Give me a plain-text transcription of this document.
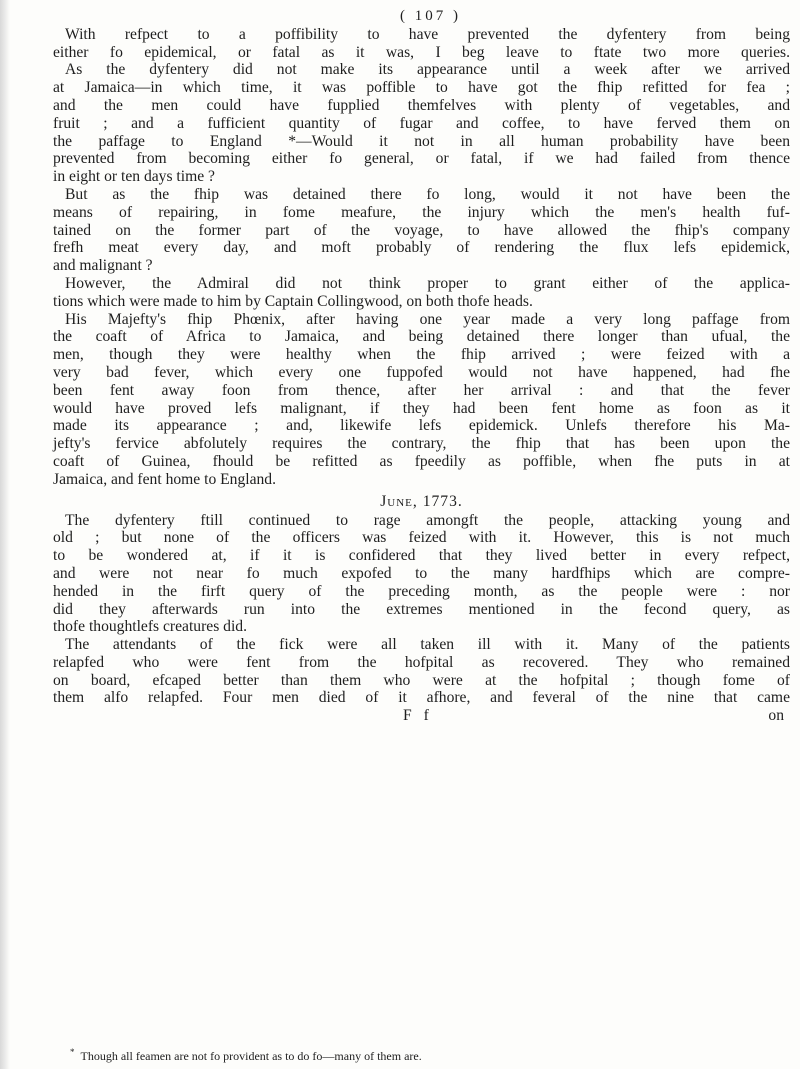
( 107 )
With refpect to a poffibility to have prevented the dyfentery from being
either fo epidemical, or fatal as it was, I beg leave to ftate two more queries.
As the dyfentery did not make its appearance until a week after we arrived
at Jamaica—in which time, it was poffible to have got the fhip refitted for fea ;
and the men could have fupplied themfelves with plenty of vegetables, and
fruit ; and a fufficient quantity of fugar and coffee, to have ferved them on
the paffage to England *—Would it not in all human probability have been
prevented from becoming either fo general, or fatal, if we had failed from thence
in eight or ten days time ?
But as the fhip was detained there fo long, would it not have been the
means of repairing, in fome meafure, the injury which the men's health fuf-
tained on the former part of the voyage, to have allowed the fhip's company
frefh meat every day, and moft probably of rendering the flux lefs epidemick,
and malignant ?
However, the Admiral did not think proper to grant either of the applica-
tions which were made to him by Captain Collingwood, on both thofe heads.
His Majefty's fhip Phœnix, after having one year made a very long paffage from
the coaft of Africa to Jamaica, and being detained there longer than ufual, the
men, though they were healthy when the fhip arrived ; were feized with a
very bad fever, which every one fuppofed would not have happened, had fhe
been fent away foon from thence, after her arrival : and that the fever
would have proved lefs malignant, if they had been fent home as foon as it
made its appearance ; and, likewife lefs epidemick. Unlefs therefore his Ma-
jefty's fervice abfolutely requires the contrary, the fhip that has been upon the
coaft of Guinea, fhould be refitted as fpeedily as poffible, when fhe puts in at
Jamaica, and fent home to England.
June, 1773.
The dyfentery ftill continued to rage amongft the people, attacking young and
old ; but none of the officers was feized with it. However, this is not much
to be wondered at, if it is confidered that they lived better in every refpect,
and were not near fo much expofed to the many hardfhips which are compre-
hended in the firft query of the preceding month, as the people were : nor
did they afterwards run into the extremes mentioned in the fecond query, as
thofe thoughtlefs creatures did.
The attendants of the fick were all taken ill with it. Many of the patients
relapfed who were fent from the hofpital as recovered. They who remained
on board, efcaped better than them who were at the hofpital ; though fome of
them alfo relapfed. Four men died of it afhore, and feveral of the nine that came
F f	on
* Though all feamen are not fo provident as to do fo—many of them are.
